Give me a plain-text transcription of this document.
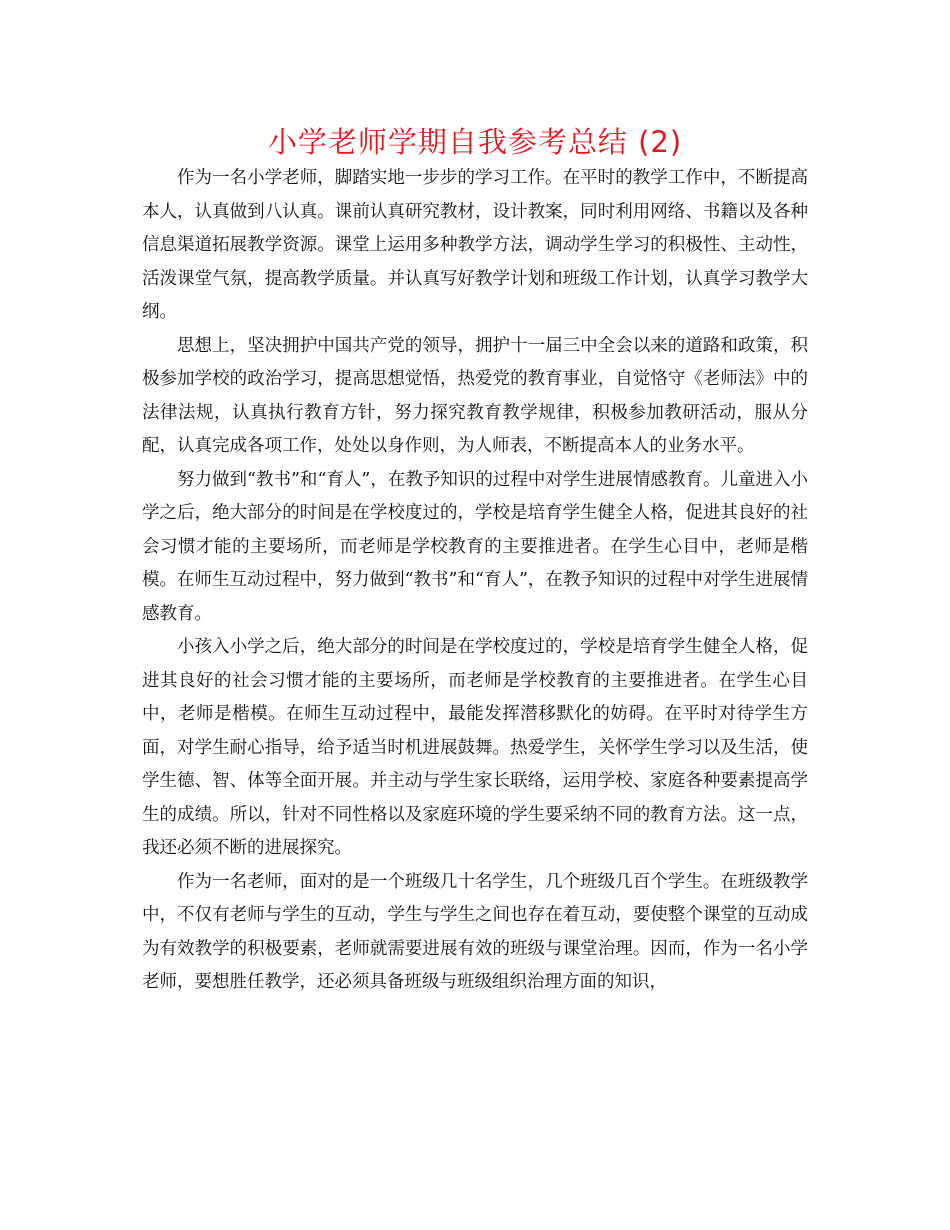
小学老师学期自我参考总结 (2)

作为一名小学老师，脚踏实地一步步的学习工作。在平时的教学工作中，不断提高本人，认真做到八认真。课前认真研究教材，设计教案，同时利用网络、书籍以及各种信息渠道拓展教学资源。课堂上运用多种教学方法，调动学生学习的积极性、主动性，活泼课堂气氛，提高教学质量。并认真写好教学计划和班级工作计划，认真学习教学大纲。

思想上，坚决拥护中国共产党的领导，拥护十一届三中全会以来的道路和政策，积极参加学校的政治学习，提高思想觉悟，热爱党的教育事业，自觉恪守《老师法》中的法律法规，认真执行教育方针，努力探究教育教学规律，积极参加教研活动，服从分配，认真完成各项工作，处处以身作则，为人师表，不断提高本人的业务水平。

努力做到“教书”和“育人”，在教予知识的过程中对学生进展情感教育。儿童进入小学之后，绝大部分的时间是在学校度过的，学校是培育学生健全人格，促进其良好的社会习惯才能的主要场所，而老师是学校教育的主要推进者。在学生心目中，老师是楷模。在师生互动过程中，努力做到“教书”和“育人”，在教予知识的过程中对学生进展情感教育。

小孩入小学之后，绝大部分的时间是在学校度过的，学校是培育学生健全人格，促进其良好的社会习惯才能的主要场所，而老师是学校教育的主要推进者。在学生心目中，老师是楷模。在师生互动过程中，最能发挥潜移默化的妨碍。在平时对待学生方面，对学生耐心指导，给予适当时机进展鼓舞。热爱学生，关怀学生学习以及生活，使学生德、智、体等全面开展。并主动与学生家长联络，运用学校、家庭各种要素提高学生的成绩。所以，针对不同性格以及家庭环境的学生要采纳不同的教育方法。这一点，我还必须不断的进展探究。

作为一名老师，面对的是一个班级几十名学生，几个班级几百个学生。在班级教学中，不仅有老师与学生的互动，学生与学生之间也存在着互动，要使整个课堂的互动成为有效教学的积极要素，老师就需要进展有效的班级与课堂治理。因而，作为一名小学老师，要想胜任教学，还必须具备班级与班级组织治理方面的知识，
